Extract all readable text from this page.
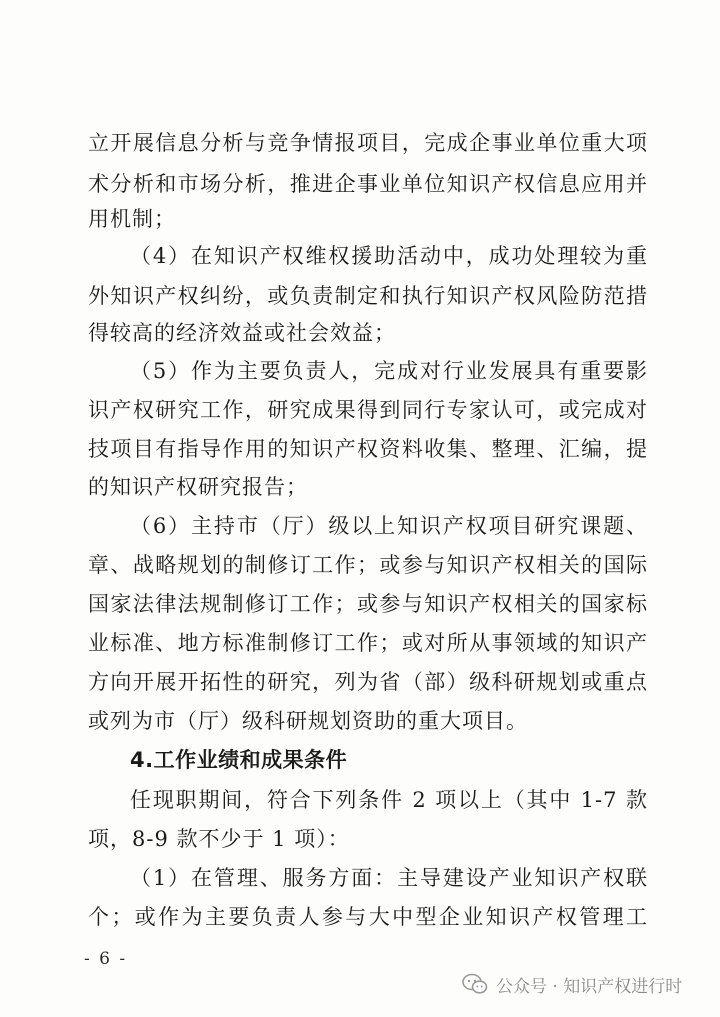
立开展信息分析与竞争情报项目，完成企事业单位重大项
术分析和市场分析，推进企事业单位知识产权信息应用并
用机制；
（4）在知识产权维权援助活动中，成功处理较为重
外知识产权纠纷，或负责制定和执行知识产权风险防范措
得较高的经济效益或社会效益；
（5）作为主要负责人，完成对行业发展具有重要影
识产权研究工作，研究成果得到同行专家认可，或完成对
技项目有指导作用的知识产权资料收集、整理、汇编，提
的知识产权研究报告；
（6）主持市（厅）级以上知识产权项目研究课题、
章、战略规划的制修订工作；或参与知识产权相关的国际
国家法律法规制修订工作；或参与知识产权相关的国家标
业标准、地方标准制修订工作；或对所从事领域的知识产
方向开展开拓性的研究，列为省（部）级科研规划或重点
或列为市（厅）级科研规划资助的重大项目。
4.工作业绩和成果条件
任现职期间，符合下列条件 2 项以上（其中 1-7 款
项，8-9 款不少于 1 项）：
（1）在管理、服务方面：主导建设产业知识产权联
个；或作为主要负责人参与大中型企业知识产权管理工
- 6 -
公众号 · 知识产权进行时
